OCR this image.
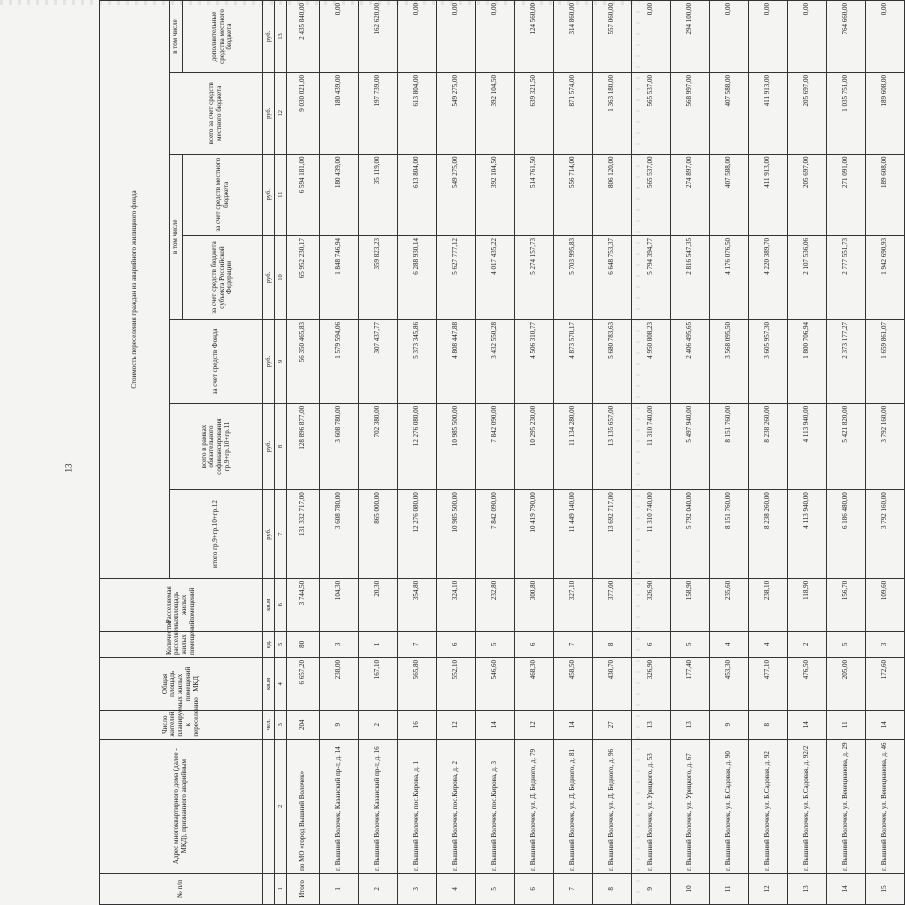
13
№ п/п	Адрес многоквартирного дома (далее - МКД), признанного аварийным	Число жителей, планируемых к переселению	Общая площадь жилых помещений МКД	Количество расселяемых жилых помещений	Расселяемая площадь жилых помещений	Стоимость переселения граждан из аварийного жилищного фонда						
						итого гр.9+гр.10+гр.12	всего в рамках обязательного софинансирования гр.9+гр.10+гр.11	за счет средств Фонда	в том числе		всего за счет средств местного бюджета	в том числе
									за счет средств бюджета субъекта Российской Федерации	за счет средств местного бюджета		дополнительные средства местного бюджета
		чел.	кв.м	ед.	кв.м	руб.	руб.	руб.	руб.	руб.	руб.	руб.
1	2	3	4	5	6	7	8	9	10	11	12	13
Итого	по МО «город Вышний Волочек»	204	6 657,20	80	3 744,50	131 332 717,00	128 896 877,00	56 350 465,83	65 952 230,17	6 594 181,00	9 030 021,00	2 435 840,00
1	г. Вышний Волочек, Казанский пр-т, д. 14	9	238,00	3	104,30	3 608 780,00	3 608 780,00	1 579 594,06	1 848 746,94	180 439,00	180 439,00	0,00
2	г. Вышний Волочек, Казанский пр-т, д. 16	2	167,10	1	20,30	865 000,00	702 380,00	307 437,77	359 823,23	35 119,00	197 739,00	162 620,00
3	г. Вышний Волочек, пос.Кирова, д. 1	16	565,80	7	354,80	12 276 080,00	12 276 080,00	5 373 345,86	6 288 930,14	613 804,00	613 804,00	0,00
4	г. Вышний Волочек, пос.Кирова, д. 2	12	552,10	6	324,10	10 985 500,00	10 985 500,00	4 808 447,88	5 627 777,12	549 275,00	549 275,00	0,00
5	г. Вышний Волочек, пос.Кирова, д. 3	14	546,60	5	232,80	7 842 090,00	7 842 090,00	3 432 550,28	4 017 435,22	392 104,50	392 104,50	0,00
6	г. Вышний Волочек, ул. Д. Бедного, д. 79	12	468,30	6	300,80	10 419 790,00	10 295 230,00	4 506 310,77	5 274 157,73	514 761,50	639 321,50	124 560,00
7	г. Вышний Волочек, ул. Д. Бедного, д. 81	14	458,50	7	327,10	11 449 140,00	11 134 280,00	4 873 570,17	5 703 995,83	556 714,00	871 574,00	314 860,00
8	г. Вышний Волочек, ул. Д. Бедного, д. 96	27	430,70	8	377,00	13 692 717,00	13 135 657,00	5 680 783,63	6 648 753,37	806 120,00	1 363 180,00	557 060,00
9	г. Вышний Волочек, ул. Урицкого, д. 53	13	326,90	6	326,90	11 310 740,00	11 310 740,00	4 950 808,23	5 794 394,77	565 537,00	565 537,00	0,00
10	г. Вышний Волочек, ул. Урицкого, д. 67	13	177,40	5	158,90	5 792 040,00	5 497 940,00	2 406 495,65	2 816 547,35	274 897,00	568 997,00	294 100,00
11	г. Вышний Волочек, ул. Б.Садовая, д. 90	9	453,30	4	235,60	8 151 760,00	8 151 760,00	3 568 095,50	4 176 076,50	407 588,00	407 588,00	0,00
12	г. Вышний Волочек, ул. Б.Садовая, д. 92	8	477,10	4	238,10	8 238 260,00	8 238 260,00	3 605 957,30	4 220 389,70	411 913,00	411 913,00	0,00
13	г. Вышний Волочек, ул. Б.Садовая, д. 92/2	14	476,50	2	118,90	4 113 940,00	4 113 940,00	1 800 706,94	2 107 536,06	205 697,00	205 697,00	0,00
14	г. Вышний Волочек, ул. Венецианова, д. 29	11	205,00	5	156,70	6 186 480,00	5 421 820,00	2 373 177,27	2 777 551,73	271 091,00	1 035 751,00	764 660,00
15	г. Вышний Волочек, ул. Венецианова, д. 46	14	172,60	3	109,60	3 792 160,00	3 792 160,00	1 659 861,07	1 942 690,93	189 608,00	189 608,00	0,00
